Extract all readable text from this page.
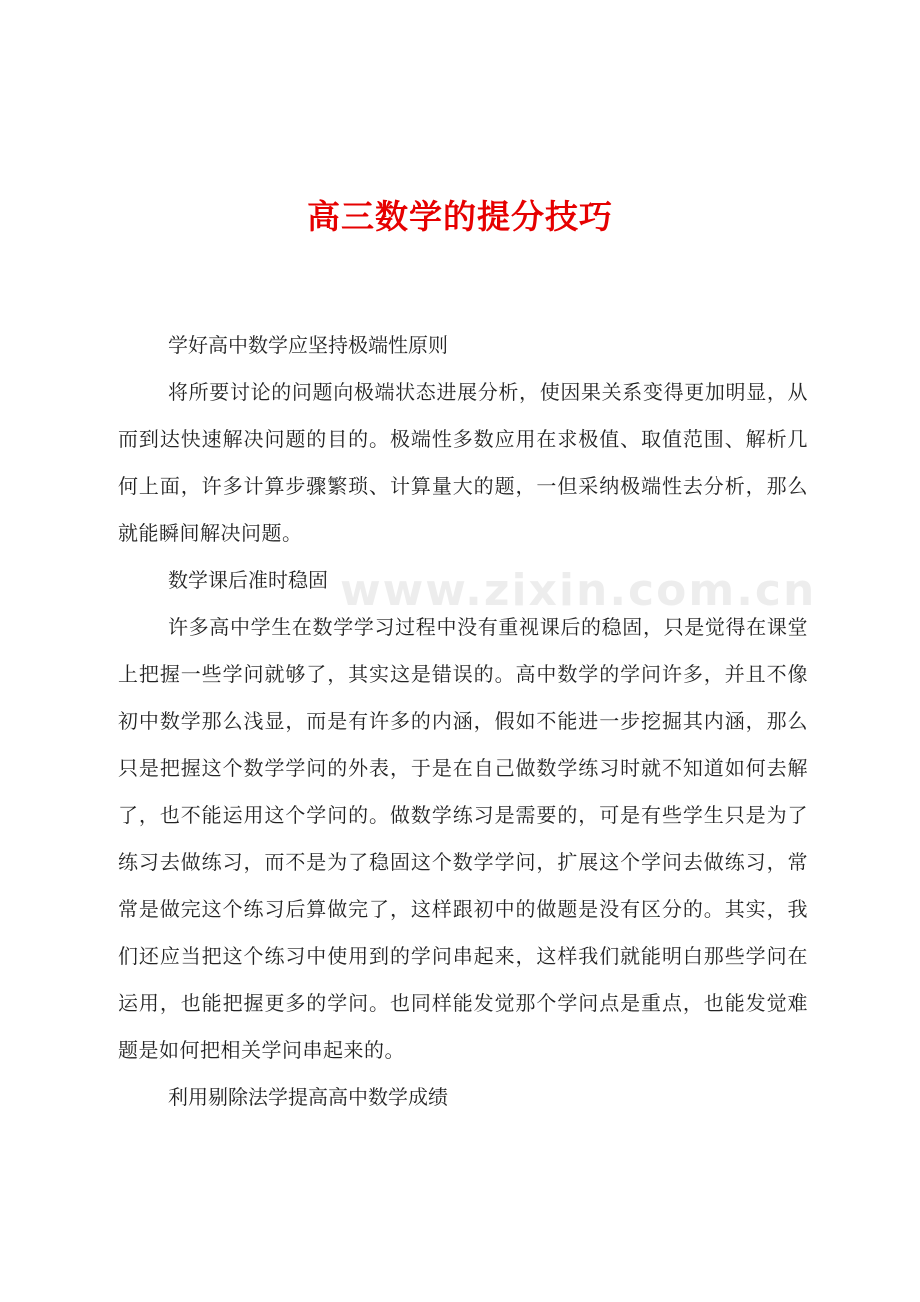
高三数学的提分技巧
www.zixin.com.cn

学好高中数学应坚持极端性原则

将所要讨论的问题向极端状态进展分析，使因果关系变得更加明显，从而到达快速解决问题的目的。极端性多数应用在求极值、取值范围、解析几何上面，许多计算步骤繁琐、计算量大的题，一但采纳极端性去分析，那么就能瞬间解决问题。

数学课后准时稳固

许多高中学生在数学学习过程中没有重视课后的稳固，只是觉得在课堂上把握一些学问就够了，其实这是错误的。高中数学的学问许多，并且不像初中数学那么浅显，而是有许多的内涵，假如不能进一步挖掘其内涵，那么只是把握这个数学学问的外表，于是在自己做数学练习时就不知道如何去解了，也不能运用这个学问的。做数学练习是需要的，可是有些学生只是为了练习去做练习，而不是为了稳固这个数学学问，扩展这个学问去做练习，常常是做完这个练习后算做完了，这样跟初中的做题是没有区分的。其实，我们还应当把这个练习中使用到的学问串起来，这样我们就能明白那些学问在运用，也能把握更多的学问。也同样能发觉那个学问点是重点，也能发觉难题是如何把相关学问串起来的。

利用剔除法学提高高中数学成绩
